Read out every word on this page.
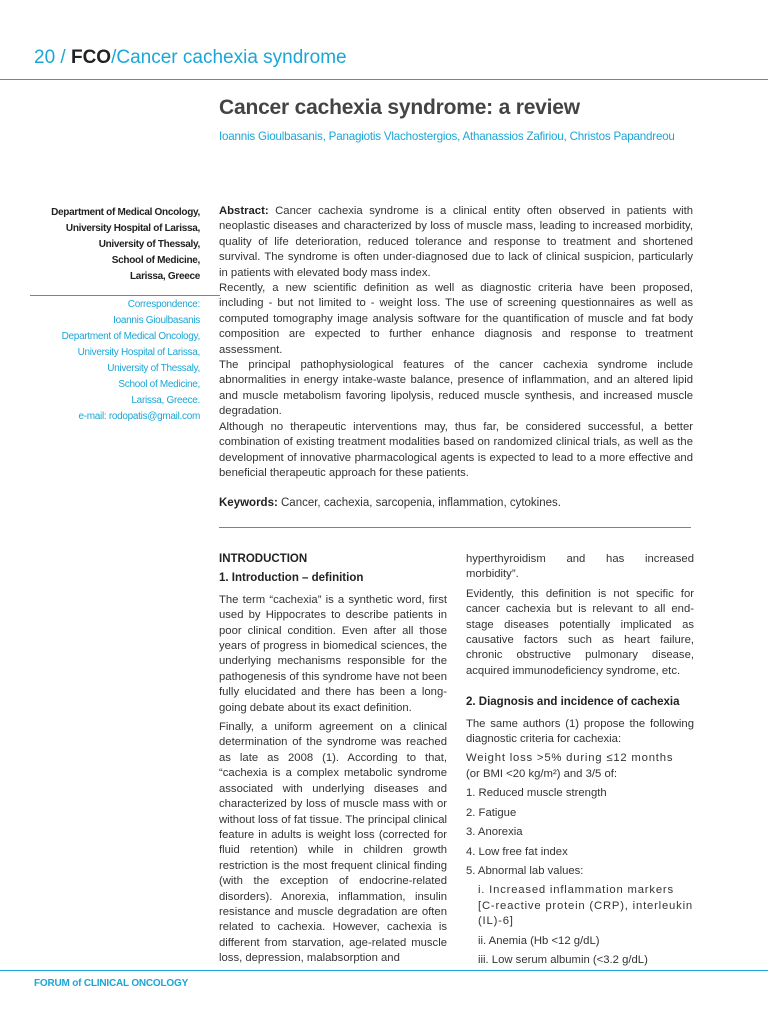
20 / FCO/Cancer cachexia syndrome
Cancer cachexia syndrome: a review
Ioannis Gioulbasanis, Panagiotis Vlachostergios, Athanassios Zafiriou, Christos Papandreou
Department of Medical Oncology,
University Hospital of Larissa,
University of Thessaly,
School of Medicine,
Larissa, Greece
Correspondence:
Ioannis Gioulbasanis
Department of Medical Oncology,
University Hospital of Larissa,
University of Thessaly,
School of Medicine,
Larissa, Greece.
e-mail: rodopatis@gmail.com

Abstract: Cancer cachexia syndrome is a clinical entity often observed in patients with neoplastic diseases and characterized by loss of muscle mass, leading to increased morbidity, quality of life deterioration, reduced tolerance and response to treatment and shortened survival. The syndrome is often under-diagnosed due to lack of clinical suspicion, particularly in patients with elevated body mass index.

Recently, a new scientific definition as well as diagnostic criteria have been proposed, including - but not limited to - weight loss. The use of screening questionnaires as well as computed tomography image analysis software for the quantification of muscle and fat body composition are expected to further enhance diagnosis and response to treatment assessment.

The principal pathophysiological features of the cancer cachexia syndrome include abnormalities in energy intake-waste balance, presence of inflammation, and an altered lipid and muscle metabolism favoring lipolysis, reduced muscle synthesis, and increased muscle degradation.

Although no therapeutic interventions may, thus far, be considered successful, a better combination of existing treatment modalities based on randomized clinical trials, as well as the development of innovative pharmacological agents is expected to lead to a more effective and beneficial therapeutic approach for these patients.

Keywords: Cancer, cachexia, sarcopenia, inflammation, cytokines.
INTRODUCTION
1. Introduction – definition

The term “cachexia” is a synthetic word, first used by Hippocrates to describe patients in poor clinical condition. Even after all those years of progress in biomedical sciences, the underlying mechanisms responsible for the pathogenesis of this syndrome have not been fully elucidated and there has been a long-going debate about its exact definition.

Finally, a uniform agreement on a clinical determination of the syndrome was reached as late as 2008 (1). According to that, “cachexia is a complex metabolic syndrome associated with underlying diseases and characterized by loss of muscle mass with or without loss of fat tissue. The principal clinical feature in adults is weight loss (corrected for fluid retention) while in children growth restriction is the most frequent clinical finding (with the exception of endocrine-related disorders). Anorexia, inflammation, insulin resistance and muscle degradation are often related to cachexia. However, cachexia is different from starvation, age-related muscle loss, depression, malabsorption and

hyperthyroidism and has increased morbidity”.

Evidently, this definition is not specific for cancer cachexia but is relevant to all end-stage diseases potentially implicated as causative factors such as heart failure, chronic obstructive pulmonary disease, acquired immunodeficiency syndrome, etc.

2. Diagnosis and incidence of cachexia

The same authors (1) propose the following diagnostic criteria for cachexia:

Weight loss >5% during ≤12 months
(or BMI <20 kg/m²) and 3/5 of:
1. Reduced muscle strength
2. Fatigue
3. Anorexia
4. Low free fat index
5. Abnormal lab values:
i. Increased inflammation markers [C-reactive protein (CRP), interleukin (IL)-6]
ii. Anemia (Hb <12 g/dL)
iii. Low serum albumin (<3.2 g/dL)
FORUM of CLINICAL ONCOLOGY
